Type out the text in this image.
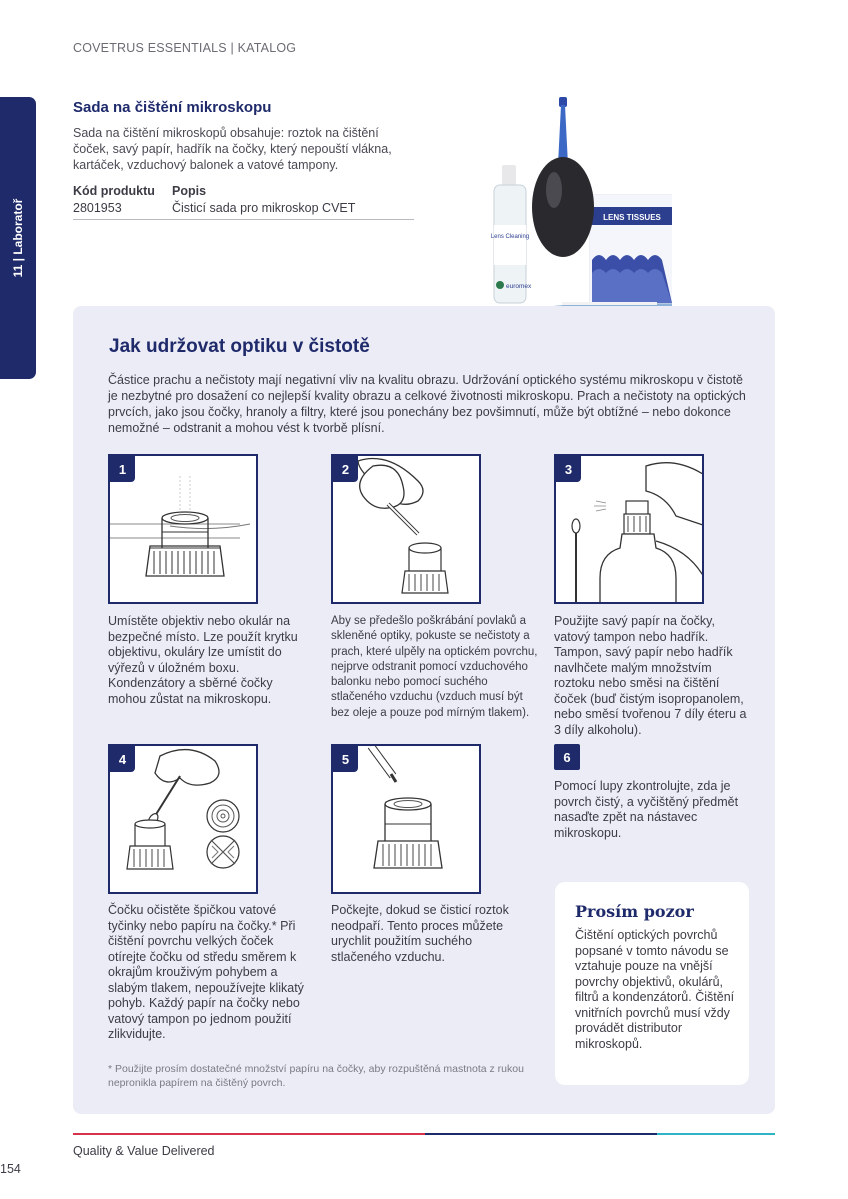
COVETRUS ESSENTIALS | KATALOG
11 | Laboratoř
Sada na čištění mikroskopu
Sada na čištění mikroskopů obsahuje: roztok na čištění čoček, savý papír, hadřík na čočky, který nepouští vlákna, kartáček, vzduchový balonek a vatové tampony.
Kód produktu	Popis
2801953	Čisticí sada pro mikroskop CVET
LENS TISSUES
Lens Cleaning
euromex
Jak udržovat optiku v čistotě
Částice prachu a nečistoty mají negativní vliv na kvalitu obrazu. Udržování optického systému mikroskopu v čistotě je nezbytné pro dosažení co nejlepší kvality obrazu a celkové životnosti mikroskopu. Prach a nečistoty na optických prvcích, jako jsou čočky, hranoly a filtry, které jsou ponechány bez povšimnutí, může být obtížné – nebo dokonce nemožné – odstranit a mohou vést k tvorbě plísní.
1
Umístěte objektiv nebo okulár na bezpečné místo. Lze použít krytku objektivu, okuláry lze umístit do výřezů v úložném boxu. Kondenzátory a sběrné čočky mohou zůstat na mikroskopu.
2
Aby se předešlo poškrábání povlaků a skleněné optiky, pokuste se nečistoty a prach, které ulpěly na optickém povrchu, nejprve odstranit pomocí vzduchového balonku nebo pomocí suchého stlačeného vzduchu (vzduch musí být bez oleje a pouze pod mírným tlakem).
3
Použijte savý papír na čočky, vatový tampon nebo hadřík. Tampon, savý papír nebo hadřík navlhčete malým množstvím roztoku nebo směsi na čištění čoček (buď čistým isopropanolem, nebo směsí tvořenou 7 díly éteru a 3 díly alkoholu).
4
Čočku očistěte špičkou vatové tyčinky nebo papíru na čočky.* Při čištění povrchu velkých čoček otírejte čočku od středu směrem k okrajům krouživým pohybem a slabým tlakem, nepoužívejte klikatý pohyb. Každý papír na čočky nebo vatový tampon po jednom použití zlikvidujte.
5
Počkejte, dokud se čisticí roztok neodpaří. Tento proces můžete urychlit použitím suchého stlačeného vzduchu.
6
Pomocí lupy zkontrolujte, zda je povrch čistý, a vyčištěný předmět nasaďte zpět na nástavec mikroskopu.
* Použijte prosím dostatečné množství papíru na čočky, aby rozpuštěná mastnota z rukou nepronikla papírem na čištěný povrch.
Prosím pozor
Čištění optických povrchů popsané v tomto návodu se vztahuje pouze na vnější povrchy objektivů, okulárů, filtrů a kondenzátorů. Čištění vnitřních povrchů musí vždy provádět distributor mikroskopů.
Quality & Value Delivered
154
